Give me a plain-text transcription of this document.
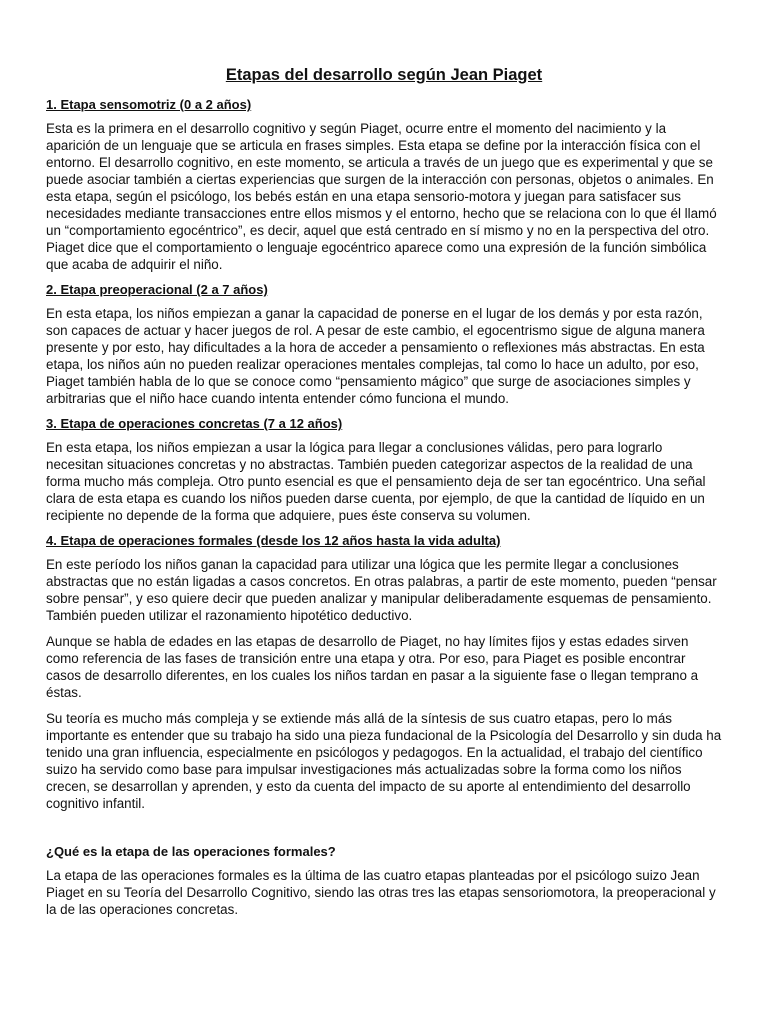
Etapas del desarrollo según Jean Piaget
1. Etapa sensomotriz (0 a 2 años)

Esta es la primera en el desarrollo cognitivo y según Piaget, ocurre entre el momento del nacimiento y la aparición de un lenguaje que se articula en frases simples. Esta etapa se define por la interacción física con el entorno. El desarrollo cognitivo, en este momento, se articula a través de un juego que es experimental y que se puede asociar también a ciertas experiencias que surgen de la interacción con personas, objetos o animales. En esta etapa, según el psicólogo, los bebés están en una etapa sensorio-motora y juegan para satisfacer sus necesidades mediante transacciones entre ellos mismos y el entorno, hecho que se relaciona con lo que él llamó un “comportamiento egocéntrico”, es decir, aquel que está centrado en sí mismo y no en la perspectiva del otro. Piaget dice que el comportamiento o lenguaje egocéntrico aparece como una expresión de la función simbólica que acaba de adquirir el niño.

2. Etapa preoperacional (2 a 7 años)

En esta etapa, los niños empiezan a ganar la capacidad de ponerse en el lugar de los demás y por esta razón, son capaces de actuar y hacer juegos de rol. A pesar de este cambio, el egocentrismo sigue de alguna manera presente y por esto, hay dificultades a la hora de acceder a pensamiento o reflexiones más abstractas. En esta etapa, los niños aún no pueden realizar operaciones mentales complejas, tal como lo hace un adulto, por eso, Piaget también habla de lo que se conoce como “pensamiento mágico” que surge de asociaciones simples y arbitrarias que el niño hace cuando intenta entender cómo funciona el mundo.

3. Etapa de operaciones concretas (7 a 12 años)

En esta etapa, los niños empiezan a usar la lógica para llegar a conclusiones válidas, pero para lograrlo necesitan situaciones concretas y no abstractas. También pueden categorizar aspectos de la realidad de una forma mucho más compleja. Otro punto esencial es que el pensamiento deja de ser tan egocéntrico. Una señal clara de esta etapa es cuando los niños pueden darse cuenta, por ejemplo, de que la cantidad de líquido en un recipiente no depende de la forma que adquiere, pues éste conserva su volumen.

4. Etapa de operaciones formales (desde los 12 años hasta la vida adulta)

En este período los niños ganan la capacidad para utilizar una lógica que les permite llegar a conclusiones abstractas que no están ligadas a casos concretos. En otras palabras, a partir de este momento, pueden “pensar sobre pensar”, y eso quiere decir que pueden analizar y manipular deliberadamente esquemas de pensamiento. También pueden utilizar el razonamiento hipotético deductivo.

Aunque se habla de edades en las etapas de desarrollo de Piaget, no hay límites fijos y estas edades sirven como referencia de las fases de transición entre una etapa y otra. Por eso, para Piaget es posible encontrar casos de desarrollo diferentes, en los cuales los niños tardan en pasar a la siguiente fase o llegan temprano a éstas.

Su teoría es mucho más compleja y se extiende más allá de la síntesis de sus cuatro etapas, pero lo más importante es entender que su trabajo ha sido una pieza fundacional de la Psicología del Desarrollo y sin duda ha tenido una gran influencia, especialmente en psicólogos y pedagogos. En la actualidad, el trabajo del científico suizo ha servido como base para impulsar investigaciones más actualizadas sobre la forma como los niños crecen, se desarrollan y aprenden, y esto da cuenta del impacto de su aporte al entendimiento del desarrollo cognitivo infantil.

¿Qué es la etapa de las operaciones formales?

La etapa de las operaciones formales es la última de las cuatro etapas planteadas por el psicólogo suizo Jean Piaget en su Teoría del Desarrollo Cognitivo, siendo las otras tres las etapas sensoriomotora, la preoperacional y la de las operaciones concretas.
